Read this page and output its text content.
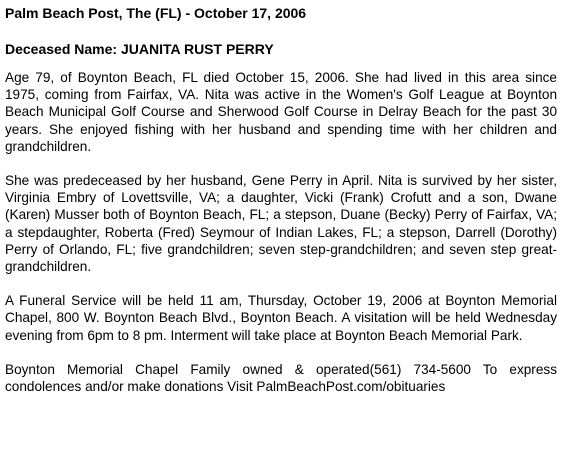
Palm Beach Post, The (FL) - October 17, 2006

Deceased Name: JUANITA RUST PERRY

Age 79, of Boynton Beach, FL died October 15, 2006. She had lived in this area since 1975, coming from Fairfax, VA. Nita was active in the Women's Golf League at Boynton Beach Municipal Golf Course and Sherwood Golf Course in Delray Beach for the past 30 years. She enjoyed fishing with her husband and spending time with her children and grandchildren.

She was predeceased by her husband, Gene Perry in April. Nita is survived by her sister, Virginia Embry of Lovettsville, VA; a daughter, Vicki (Frank) Crofutt and a son, Dwane (Karen) Musser both of Boynton Beach, FL; a stepson, Duane (Becky) Perry of Fairfax, VA; a stepdaughter, Roberta (Fred) Seymour of Indian Lakes, FL; a stepson, Darrell (Dorothy) Perry of Orlando, FL; five grandchildren; seven step-grandchildren; and seven step great-grandchildren.

A Funeral Service will be held 11 am, Thursday, October 19, 2006 at Boynton Memorial Chapel, 800 W. Boynton Beach Blvd., Boynton Beach. A visitation will be held Wednesday evening from 6pm to 8 pm. Interment will take place at Boynton Beach Memorial Park.

Boynton Memorial Chapel Family owned & operated(561) 734-5600 To express condolences and/or make donations Visit PalmBeachPost.com/obituaries
